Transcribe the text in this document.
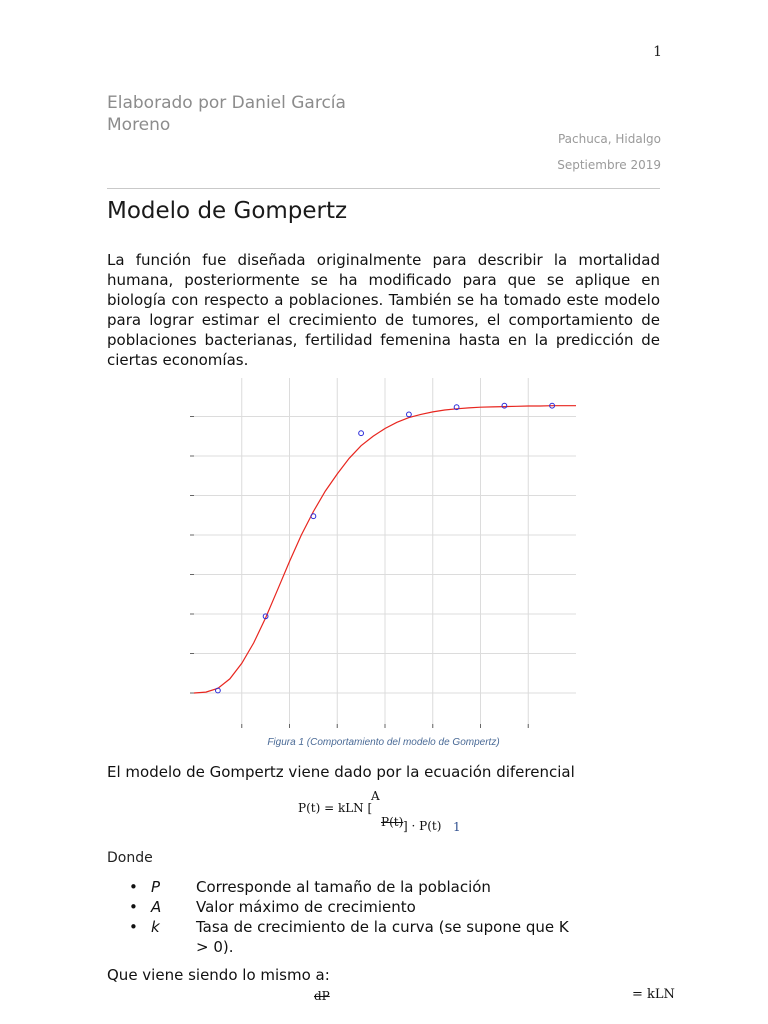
1
Elaborado por Daniel García Moreno
Pachuca, Hidalgo
Septiembre 2019
Modelo de Gompertz
La función fue diseñada originalmente para describir la mortalidad humana, posteriormente se ha modificado para que se aplique en biología con respecto a poblaciones. También se ha tomado este modelo para lograr estimar el crecimiento de tumores, el comportamiento de poblaciones bacterianas, fertilidad femenina hasta en la predicción de ciertas economías.
Figura 1 (Comportamiento del modelo de Gompertz)
El modelo de Gompertz viene dado por la ecuación diferencial
A
P(t) = kLN [
P(t) ] · P(t) 1
Donde
• P Corresponde al tamaño de la población
• A Valor máximo de crecimiento
• k Tasa de crecimiento de la curva (se supone que K > 0).
Que viene siendo lo mismo a:
dP	= kLN
